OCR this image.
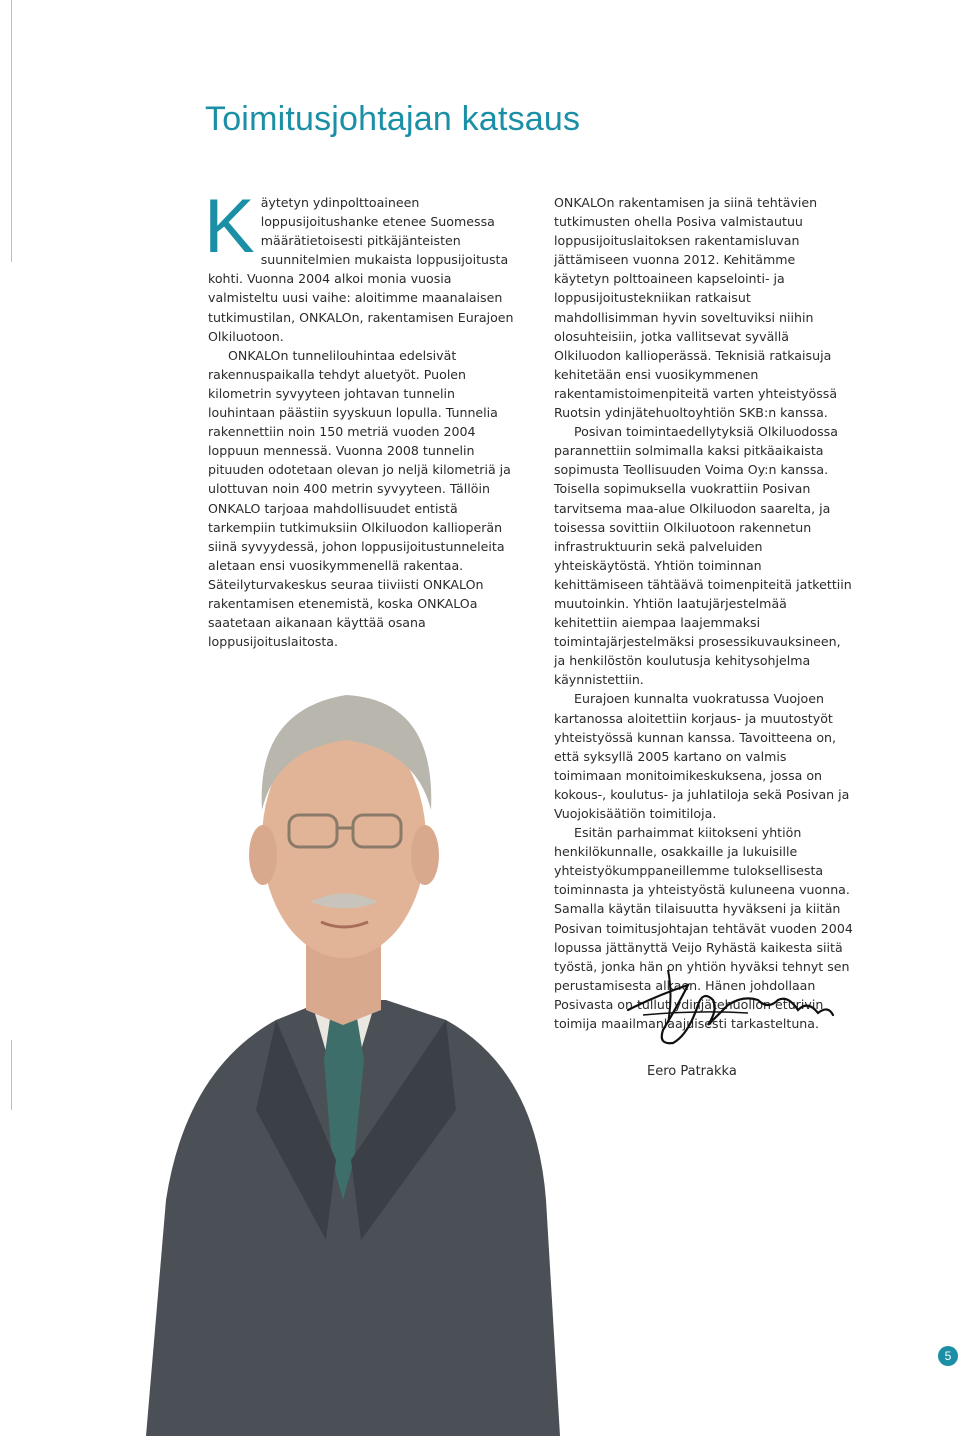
Toimitusjohtajan katsaus

Käytetyn ydinpolttoaineen loppusijoitushanke etenee Suomessa määrätietoisesti pitkäjänteisten suunnitelmien mukaista loppusijoitusta kohti. Vuonna 2004 alkoi monia vuosia valmisteltu uusi vaihe: aloitimme maanalaisen tutkimustilan, ONKALOn, rakentamisen Eurajoen Olkiluotoon.

ONKALOn tunnelilouhintaa edelsivät rakennuspaikalla tehdyt aluetyöt. Puolen kilometrin syvyyteen johtavan tunnelin louhintaan päästiin syyskuun lopulla. Tunnelia rakennettiin noin 150 metriä vuoden 2004 loppuun mennessä. Vuonna 2008 tunnelin pituuden odotetaan olevan jo neljä kilometriä ja ulottuvan noin 400 metrin syvyyteen. Tällöin ONKALO tarjoaa mahdollisuudet entistä tarkempiin tutkimuksiin Olkiluodon kallioperän siinä syvyydessä, johon loppusijoitustunneleita aletaan ensi vuosikymmenellä rakentaa. Säteilyturvakeskus seuraa tiiviisti ONKALOn rakentamisen etenemistä, koska ONKALOa saatetaan aikanaan käyttää osana loppusijoituslaitosta.

ONKALOn rakentamisen ja siinä tehtävien tutkimusten ohella Posiva valmistautuu loppusijoituslaitoksen rakentamisluvan jättämiseen vuonna 2012. Kehitämme käytetyn polttoaineen kapselointi- ja loppusijoitustekniikan ratkaisut mahdollisimman hyvin soveltuviksi niihin olosuhteisiin, jotka vallitsevat syvällä Olkiluodon kallioperässä. Teknisiä ratkaisuja kehitetään ensi vuosikymmenen rakentamistoimenpiteitä varten yhteistyössä Ruotsin ydinjätehuoltoyhtiön SKB:n kanssa.

Posivan toimintaedellytyksiä Olkiluodossa parannettiin solmimalla kaksi pitkäaikaista sopimusta Teollisuuden Voima Oy:n kanssa. Toisella sopimuksella vuokrattiin Posivan tarvitsema maa-alue Olkiluodon saarelta, ja toisessa sovittiin Olkiluotoon rakennetun infrastruktuurin sekä palveluiden yhteiskäytöstä. Yhtiön toiminnan kehittämiseen tähtäävä toimenpiteitä jatkettiin muutoinkin. Yhtiön laatujärjestelmää kehitettiin aiempaa laajemmaksi toimintajärjestelmäksi prosessikuvauksineen, ja henkilöstön koulutusja kehitysohjelma käynnistettiin.

Eurajoen kunnalta vuokratussa Vuojoen kartanossa aloitettiin korjaus- ja muutostyöt yhteistyössä kunnan kanssa. Tavoitteena on, että syksyllä 2005 kartano on valmis toimimaan monitoimikeskuksena, jossa on kokous-, koulutus- ja juhlatiloja sekä Posivan ja Vuojokisäätiön toimitiloja.

Esitän parhaimmat kiitokseni yhtiön henkilökunnalle, osakkaille ja lukuisille yhteistyökumppaneillemme tuloksellisesta toiminnasta ja yhteistyöstä kuluneena vuonna. Samalla käytän tilaisuutta hyväkseni ja kiitän Posivan toimitusjohtajan tehtävät vuoden 2004 lopussa jättänyttä Veijo Ryhästä kaikesta siitä työstä, jonka hän on yhtiön hyväksi tehnyt sen perustamisesta alkaen. Hänen johdollaan Posivasta on tullut ydinjätehuollon eturivin toimija maailmanlaajuisesti tarkasteltuna.

Eero Patrakka
5
